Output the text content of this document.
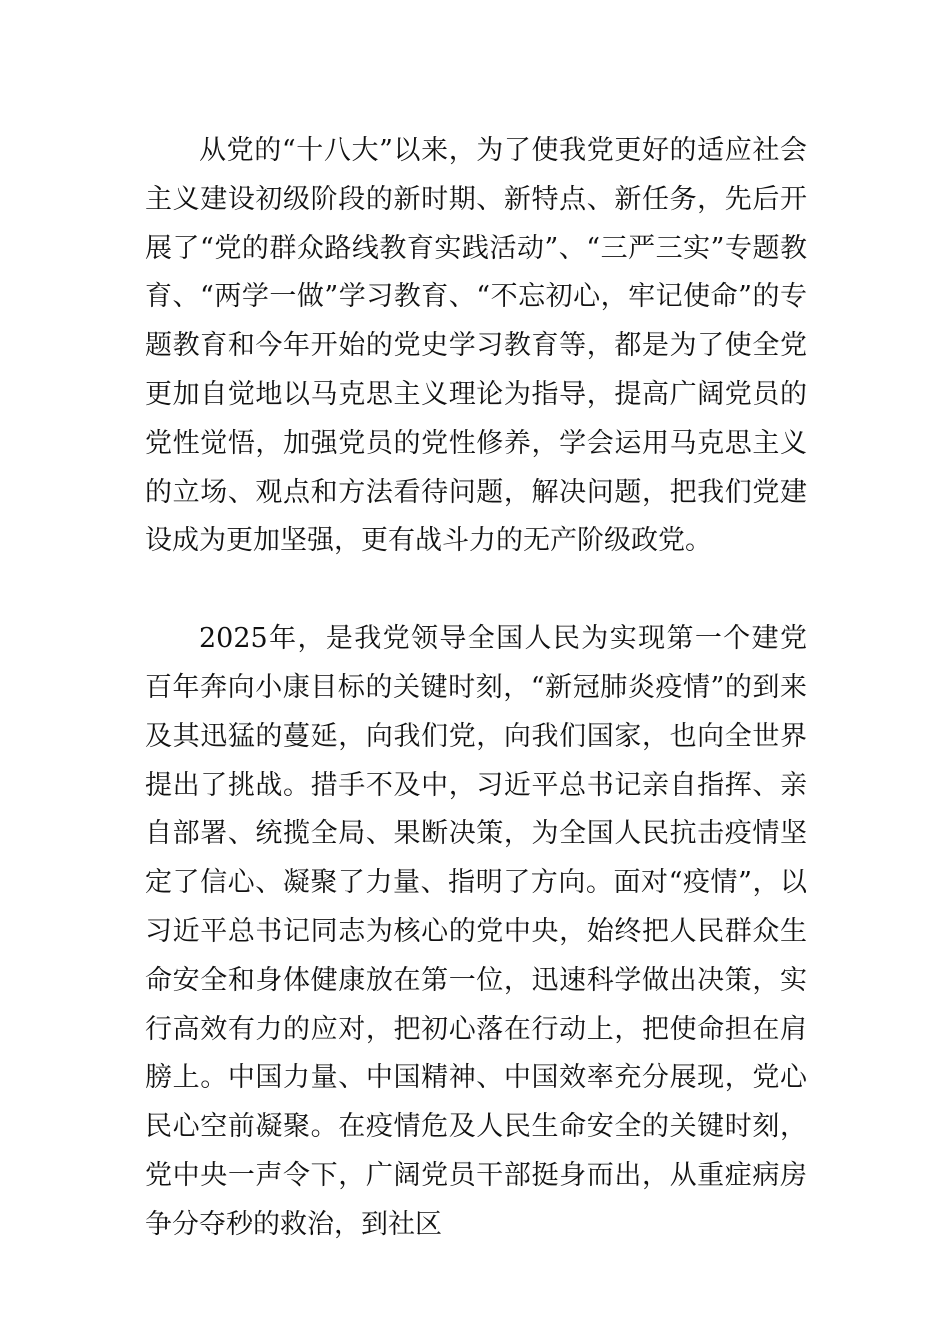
从党的“十八大”以来，为了使我党更好的适应社会主义建设初级阶段的新时期、新特点、新任务，先后开展了“党的群众路线教育实践活动”、“三严三实”专题教育、“两学一做”学习教育、“不忘初心，牢记使命”的专题教育和今年开始的党史学习教育等，都是为了使全党更加自觉地以马克思主义理论为指导，提高广阔党员的党性觉悟，加强党员的党性修养，学会运用马克思主义的立场、观点和方法看待问题，解决问题，把我们党建设成为更加坚强，更有战斗力的无产阶级政党。

2025年，是我党领导全国人民为实现第一个建党百年奔向小康目标的关键时刻，“新冠肺炎疫情”的到来及其迅猛的蔓延，向我们党，向我们国家，也向全世界提出了挑战。措手不及中，习近平总书记亲自指挥、亲自部署、统揽全局、果断决策，为全国人民抗击疫情坚定了信心、凝聚了力量、指明了方向。面对“疫情”，以习近平总书记同志为核心的党中央，始终把人民群众生命安全和身体健康放在第一位，迅速科学做出决策，实行高效有力的应对，把初心落在行动上，把使命担在肩膀上。中国力量、中国精神、中国效率充分展现，党心民心空前凝聚。在疫情危及人民生命安全的关键时刻，党中央一声令下，广阔党员干部挺身而出，从重症病房争分夺秒的救治，到社区
